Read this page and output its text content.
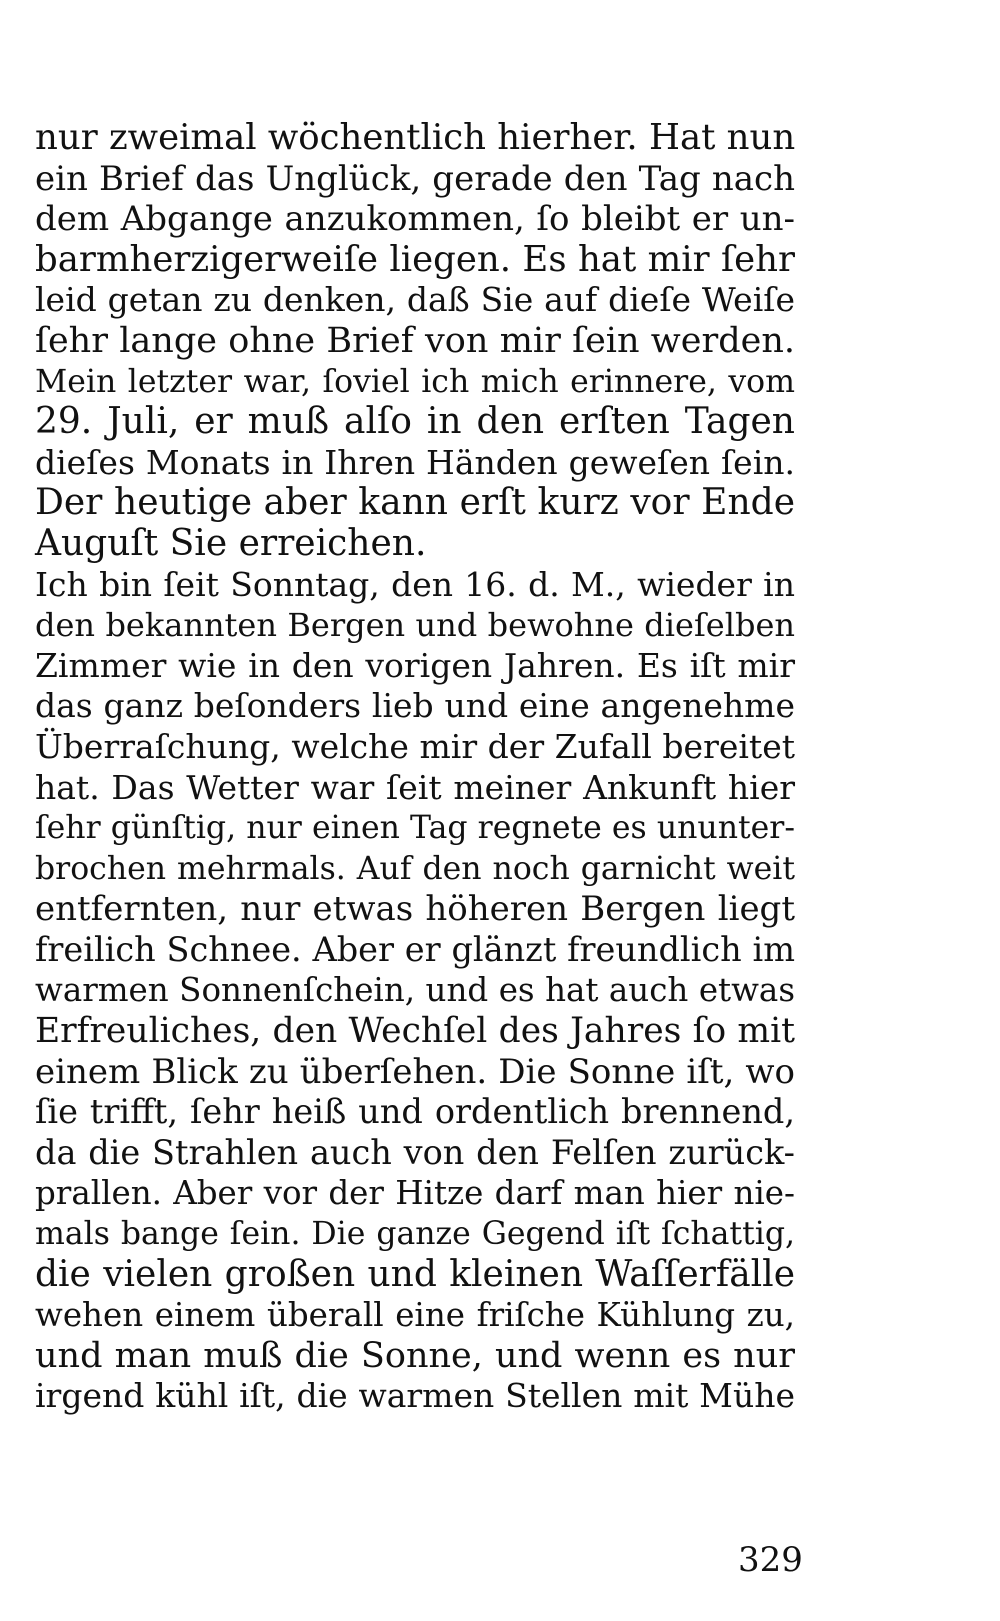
nur zweimal wöchentlich hierher. Hat nun
ein Brief das Unglück, gerade den Tag nach
dem Abgange anzukommen, ſo bleibt er un-
barmherzigerweiſe liegen. Es hat mir ſehr
leid getan zu denken, daß Sie auf dieſe Weiſe
ſehr lange ohne Brief von mir ſein werden.
Mein letzter war, ſoviel ich mich erinnere, vom
29. Juli, er muß alſo in den erſten Tagen
dieſes Monats in Ihren Händen geweſen ſein.
Der heutige aber kann erſt kurz vor Ende
Auguſt Sie erreichen.
Ich bin ſeit Sonntag, den 16. d. M., wieder in
den bekannten Bergen und bewohne dieſelben
Zimmer wie in den vorigen Jahren. Es iſt mir
das ganz beſonders lieb und eine angenehme
Überraſchung, welche mir der Zufall bereitet
hat. Das Wetter war ſeit meiner Ankunft hier
ſehr günſtig, nur einen Tag regnete es ununter-
brochen mehrmals. Auf den noch garnicht weit
entfernten, nur etwas höheren Bergen liegt
freilich Schnee. Aber er glänzt freundlich im
warmen Sonnenſchein, und es hat auch etwas
Erfreuliches, den Wechſel des Jahres ſo mit
einem Blick zu überſehen. Die Sonne iſt, wo
ſie trifft, ſehr heiß und ordentlich brennend,
da die Strahlen auch von den Felſen zurück-
prallen. Aber vor der Hitze darf man hier nie-
mals bange ſein. Die ganze Gegend iſt ſchattig,
die vielen großen und kleinen Waſſerfälle
wehen einem überall eine friſche Kühlung zu,
und man muß die Sonne, und wenn es nur
irgend kühl iſt, die warmen Stellen mit Mühe
329
